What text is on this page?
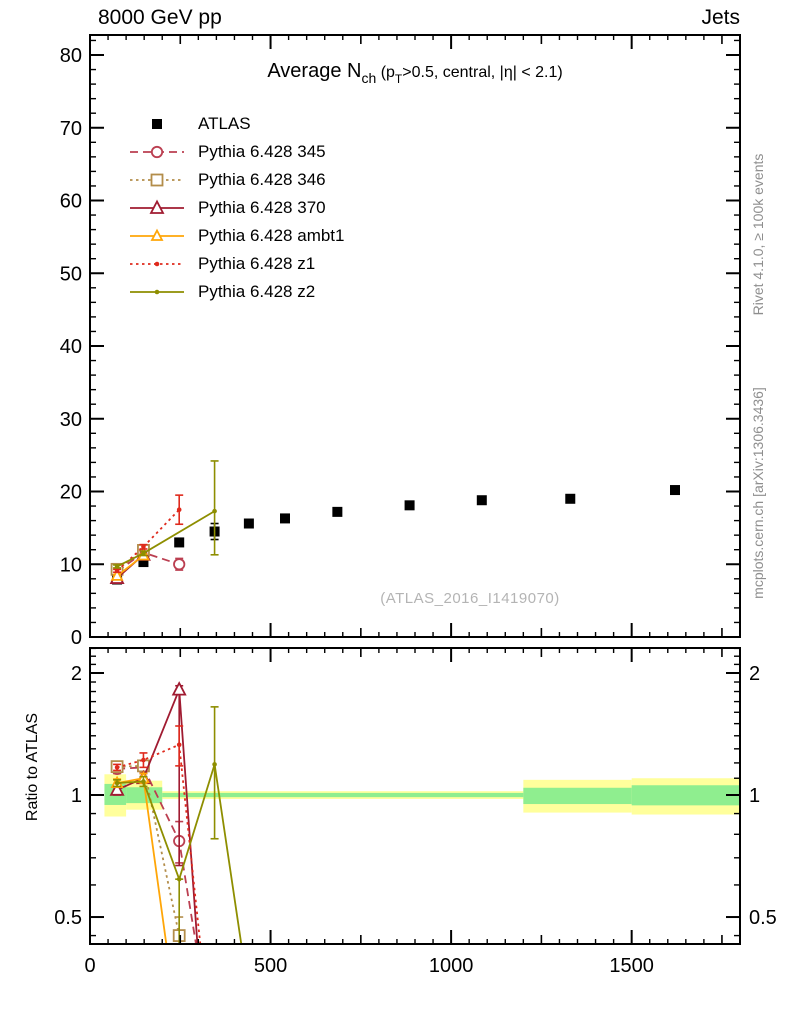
8000 GeV pp	Jets
0
10
20
30
40
50
60
70
80
0	500	1000	1500
0.5	0.5
1	1
2	2
Average Nch ($p_T>0.5$, central, |η| < 2.1)
ATLAS
Pythia 6.428 345
Pythia 6.428 346
Pythia 6.428 370
Pythia 6.428 ambt1
Pythia 6.428 z1
Pythia 6.428 z2
(ATLAS_2016_I1419070)
Rivet 4.1.0, ≥ 100k events
mcplots.cern.ch [arXiv:1306.3436]
Ratio to ATLAS
